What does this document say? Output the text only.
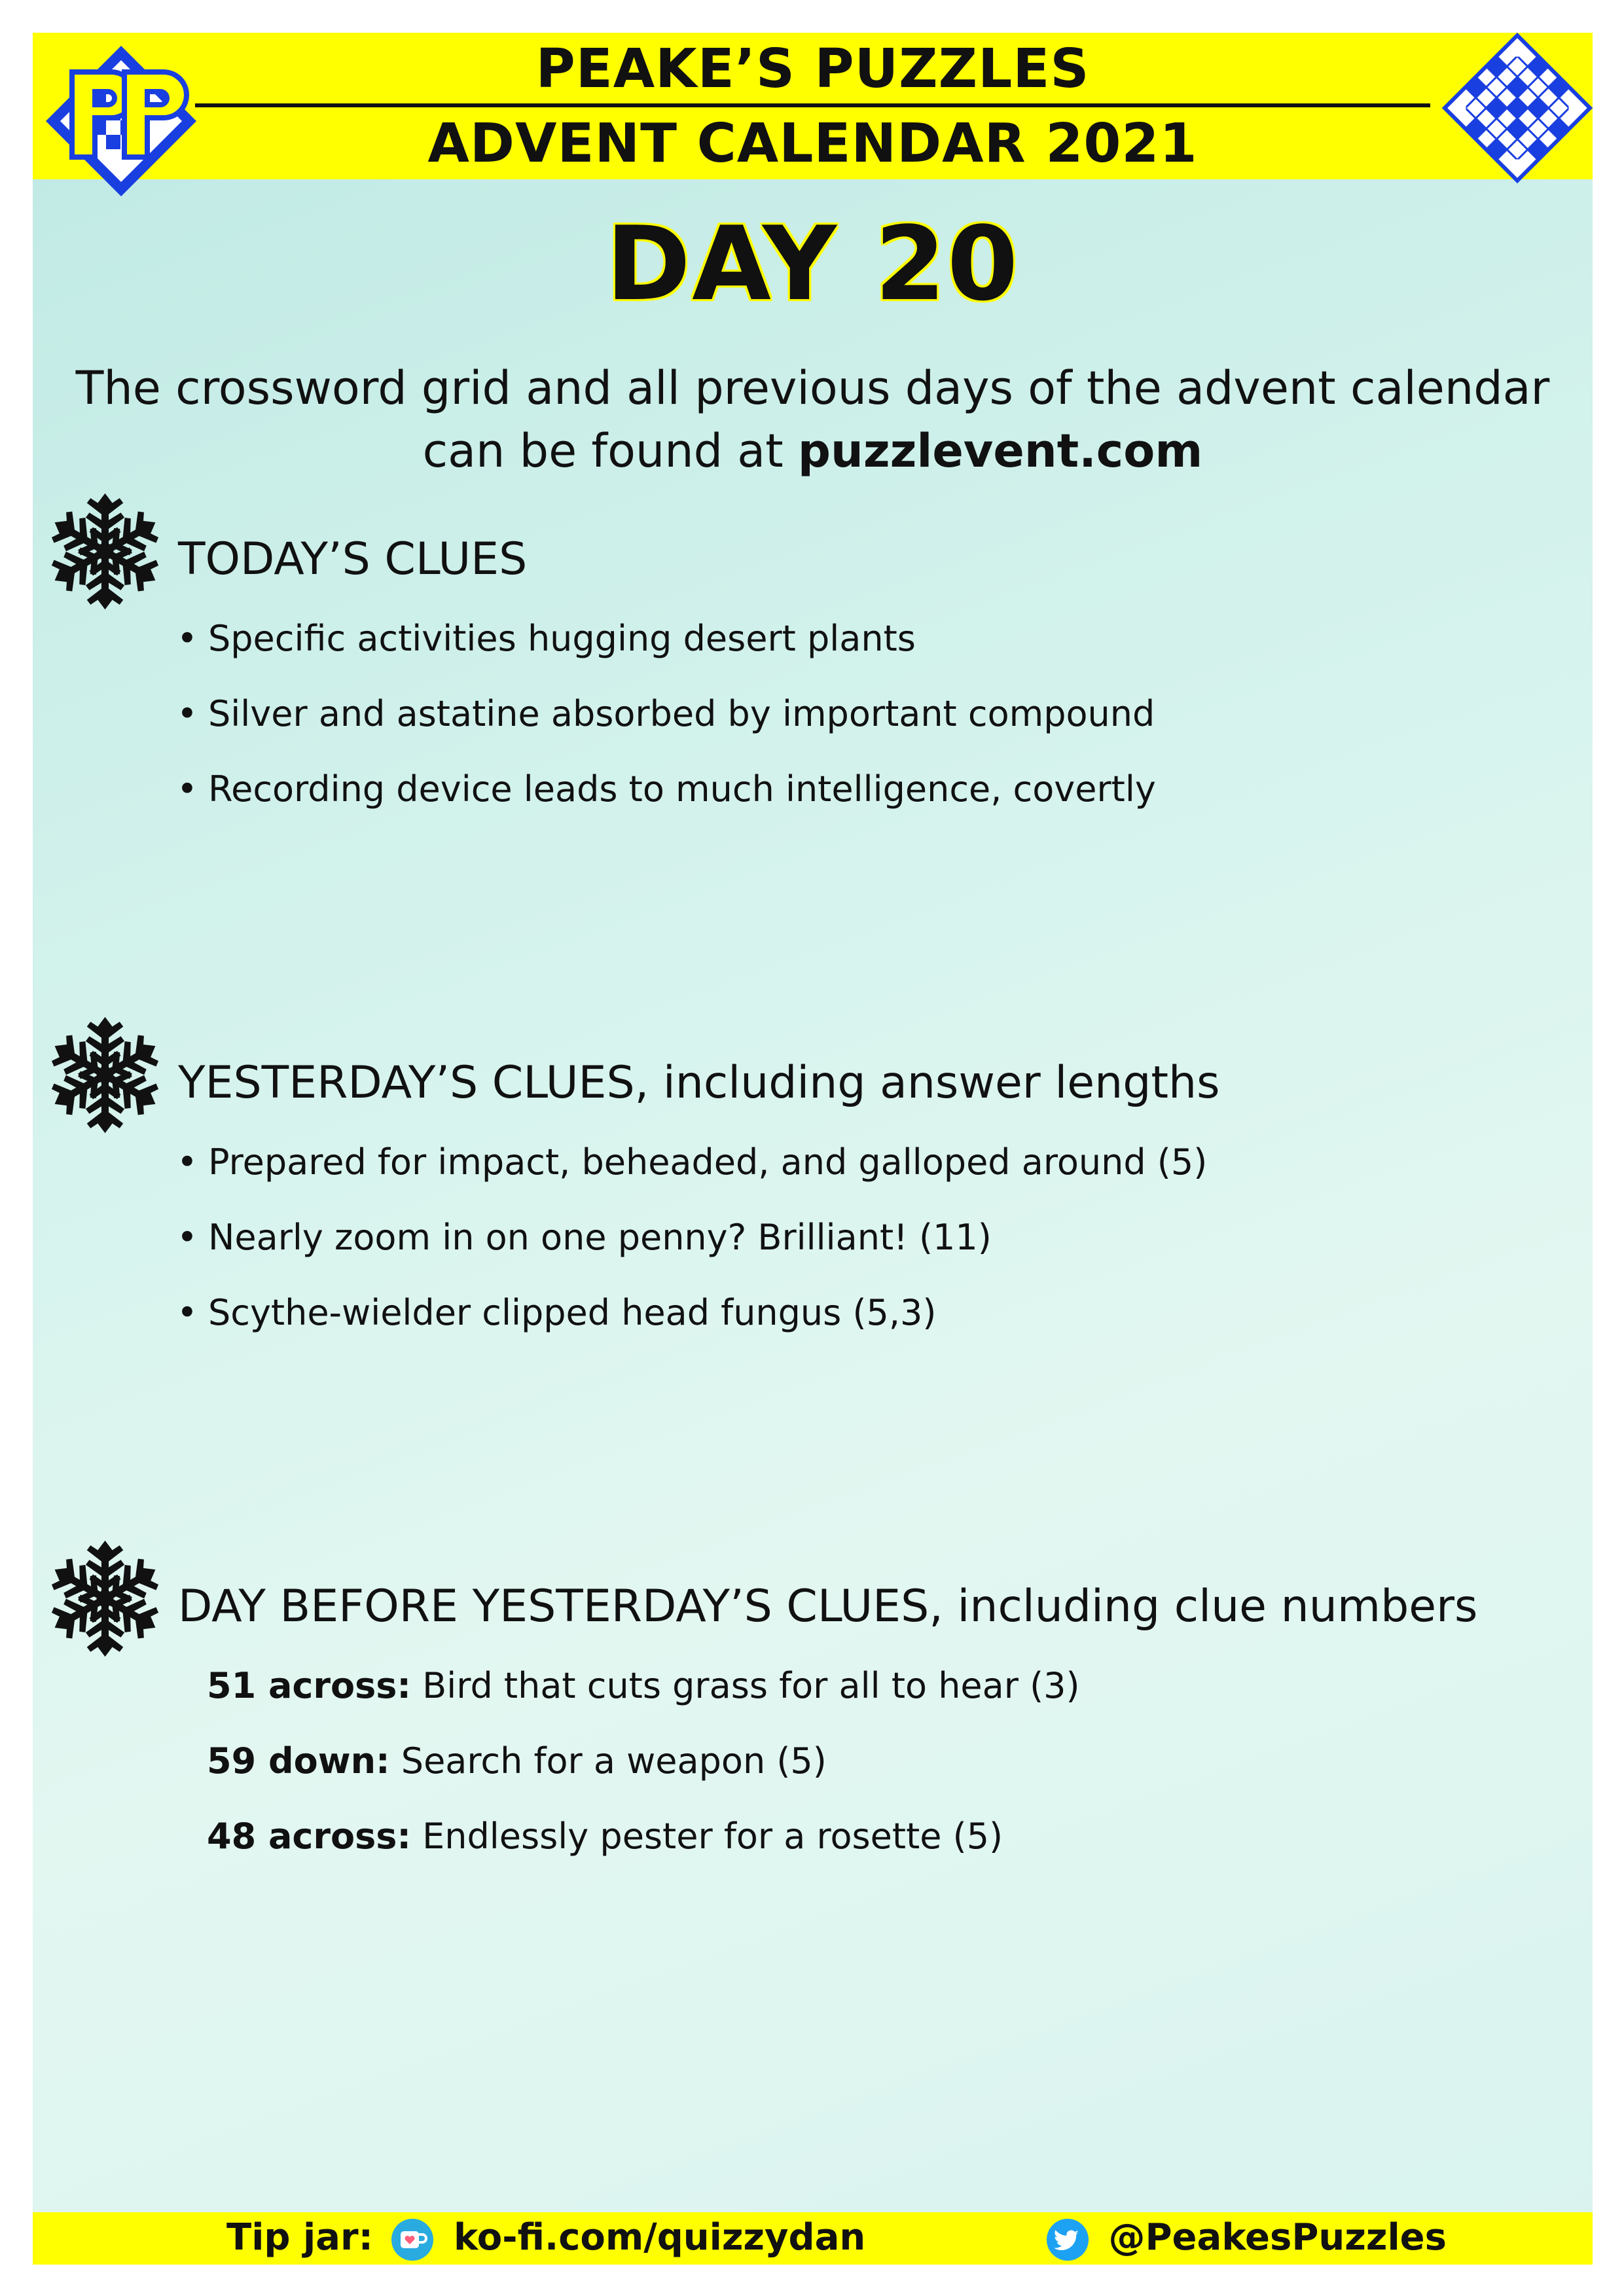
PEAKE’S PUZZLES
ADVENT CALENDAR 2021
DAY 20
The crossword grid and all previous days of the advent calendar
can be found at puzzlevent.com
TODAY’S CLUES
• Specific activities hugging desert plants
• Silver and astatine absorbed by important compound
• Recording device leads to much intelligence, covertly
YESTERDAY’S CLUES, including answer lengths
• Prepared for impact, beheaded, and galloped around (5)
• Nearly zoom in on one penny? Brilliant! (11)
• Scythe-wielder clipped head fungus (5,3)
DAY BEFORE YESTERDAY’S CLUES, including clue numbers
51 across: Bird that cuts grass for all to hear (3)
59 down: Search for a weapon (5)
48 across: Endlessly pester for a rosette (5)
Tip jar: ko-fi.com/quizzydan	@PeakesPuzzles
